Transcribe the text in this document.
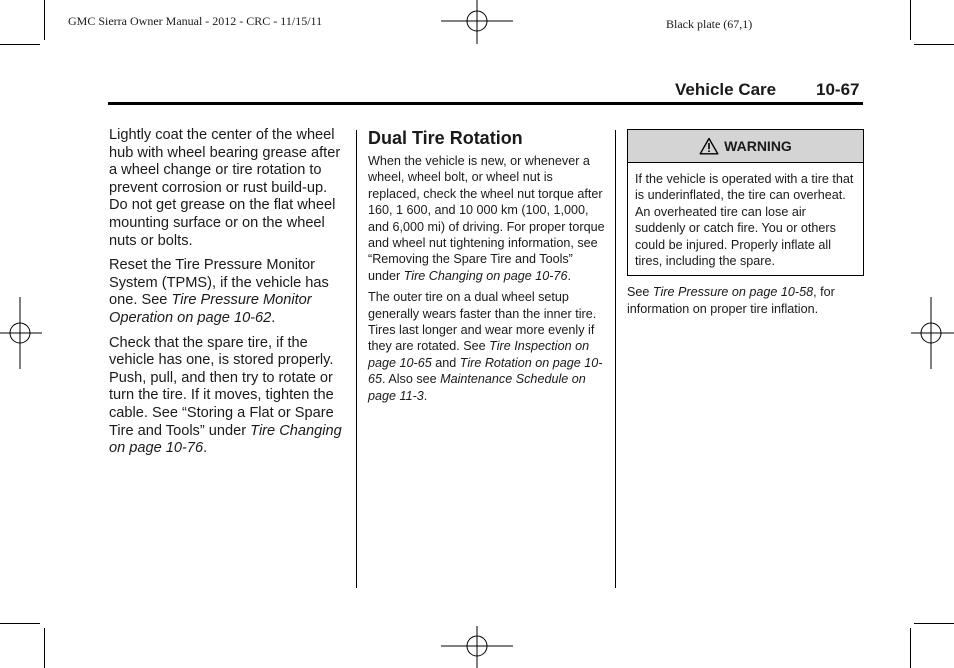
GMC Sierra Owner Manual - 2012 - CRC - 11/15/11	Black plate (67,1)
Vehicle Care 10-67

Lightly coat the center of the wheel hub with wheel bearing grease after a wheel change or tire rotation to prevent corrosion or rust build-up. Do not get grease on the flat wheel mounting surface or on the wheel nuts or bolts.

Reset the Tire Pressure Monitor System (TPMS), if the vehicle has one. See Tire Pressure Monitor Operation on page 10-62.

Check that the spare tire, if the vehicle has one, is stored properly. Push, pull, and then try to rotate or turn the tire. If it moves, tighten the cable. See “Storing a Flat or Spare Tire and Tools” under Tire Changing on page 10-76.

Dual Tire Rotation

When the vehicle is new, or whenever a wheel, wheel bolt, or wheel nut is replaced, check the wheel nut torque after 160, 1 600, and 10 000 km (100, 1,000, and 6,000 mi) of driving. For proper torque and wheel nut tightening information, see “Removing the Spare Tire and Tools” under Tire Changing on page 10-76.

The outer tire on a dual wheel setup generally wears faster than the inner tire. Tires last longer and wear more evenly if they are rotated. See Tire Inspection on page 10-65 and Tire Rotation on page 10-65. Also see Maintenance Schedule on page 11-3.

WARNING
If the vehicle is operated with a tire that is underinflated, the tire can overheat. An overheated tire can lose air suddenly or catch fire. You or others could be injured. Properly inflate all tires, including the spare.

See Tire Pressure on page 10-58, for information on proper tire inflation.
